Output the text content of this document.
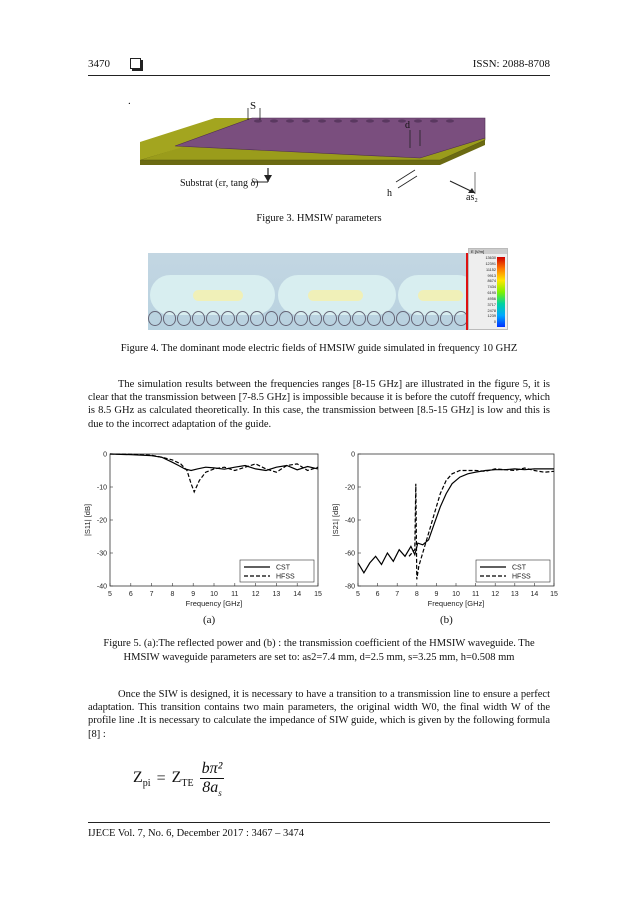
3470	ISSN: 2088-8708
.	S
d
Substrat (εr, tang δ)
h	as₂
Figure 3. HMSIW parameters
E [V/m]
13630
12391
11152
9913
8674
7434
6195
4956
3717
2478
1239
0
Figure 4. The dominant mode electric fields of HMSIW guide simulated in frequency 10 GHZ
The simulation results between the frequencies ranges [8-15 GHz] are illustrated in the figure 5, it is clear that the transmission between [7-8.5 GHz] is impossible because it is before the cutoff frequency, which is 8.5 GHz as calculated theoretically. In this case, the transmission between [8.5-15 GHz] is low and this is due to the incorrect adaptation of the guide.
5 6 7 8 9 10 11 12 13 14 15
0
-10
-20
-30
-40
Frequency [GHz]
|S11| [dB]
CST
HFSS
5 6 7 8 9 10 11 12 13 14 15
0
-20
-40
-60
-80
Frequency [GHz]
|S21| [dB]
CST
HFSS
(a)	(b)
Figure 5. (a):The reflected power and (b) : the transmission coefficient of the HMSIW waveguide. The
HMSIW waveguide parameters are set to: as2=7.4 mm, d=2.5 mm, s=3.25 mm, h=0.508 mm
Once the SIW is designed, it is necessary to have a transition to a transmission line to ensure a perfect adaptation. This transition contains two main parameters, the original width W0, the final width W of the profile line .It is necessary to calculate the impedance of SIW guide, which is given by the following formula [8] :
$Z_{pi} = Z_{TE}$
bπ²
$8a_s$
IJECE Vol. 7, No. 6, December 2017 : 3467 – 3474
